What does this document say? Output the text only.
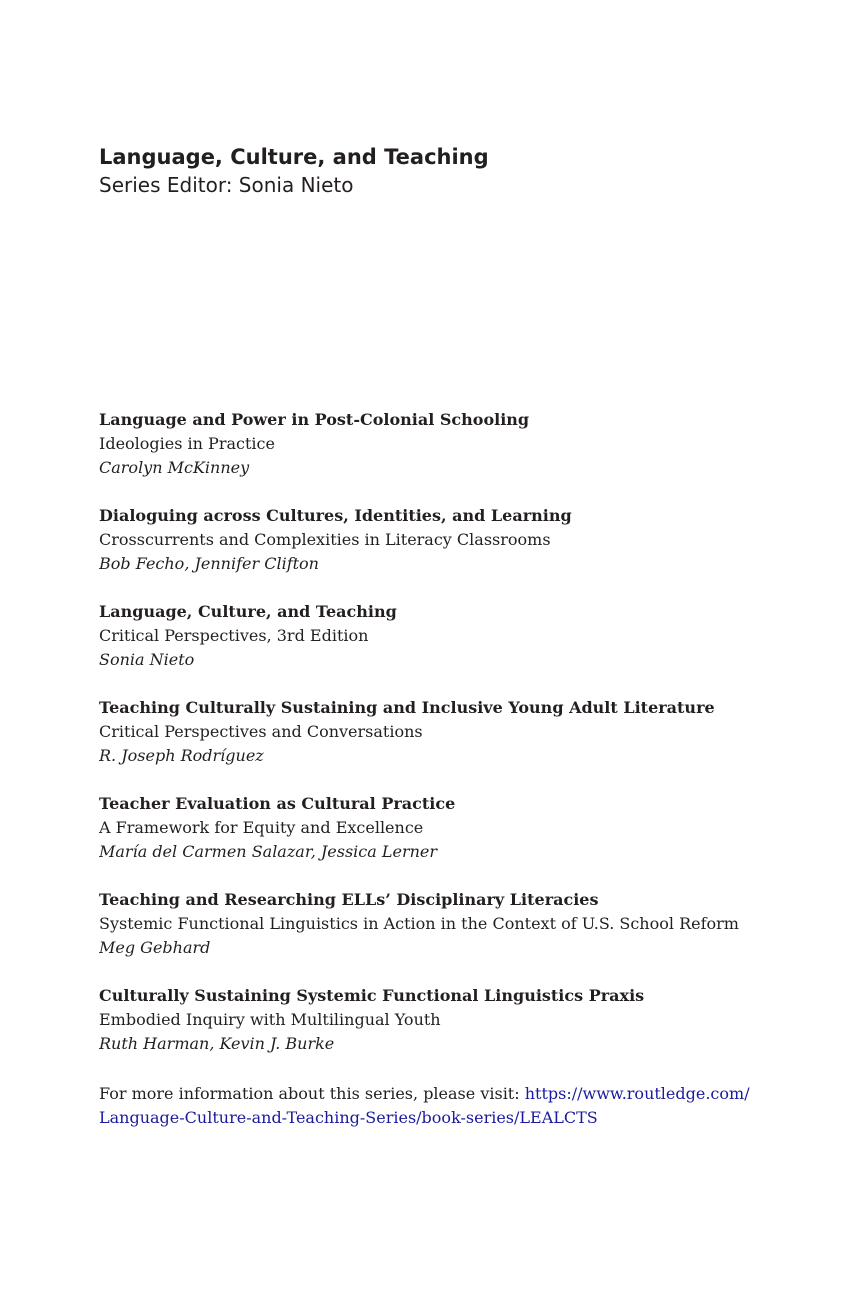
Language, Culture, and Teaching

Series Editor: Sonia Nieto

Language and Power in Post-Colonial Schooling
Ideologies in Practice
Carolyn McKinney
Dialoguing across Cultures, Identities, and Learning
Crosscurrents and Complexities in Literacy Classrooms
Bob Fecho, Jennifer Clifton
Language, Culture, and Teaching
Critical Perspectives, 3rd Edition
Sonia Nieto
Teaching Culturally Sustaining and Inclusive Young Adult Literature
Critical Perspectives and Conversations
R. Joseph Rodríguez
Teacher Evaluation as Cultural Practice
A Framework for Equity and Excellence
María del Carmen Salazar, Jessica Lerner
Teaching and Researching ELLs’ Disciplinary Literacies
Systemic Functional Linguistics in Action in the Context of U.S. School Reform
Meg Gebhard
Culturally Sustaining Systemic Functional Linguistics Praxis
Embodied Inquiry with Multilingual Youth
Ruth Harman, Kevin J. Burke
For more information about this series, please visit: https://www.routledge.com/
Language-Culture-and-Teaching-Series/book-series/LEALCTS
